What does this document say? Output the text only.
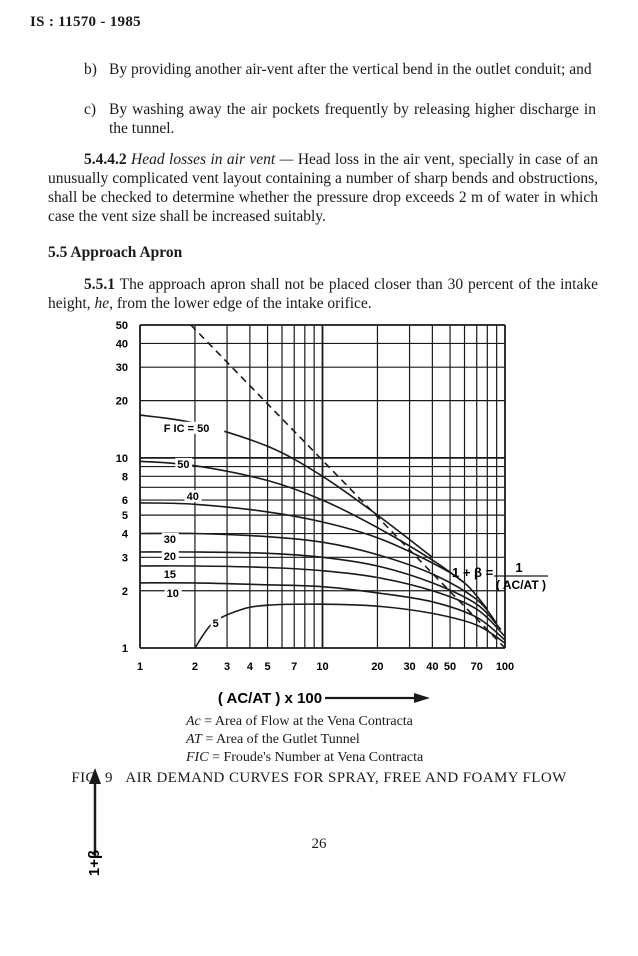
IS : 11570 - 1985
b) By providing another air-vent after the vertical bend in the outlet conduit; and
c) By washing away the air pockets frequently by releasing higher discharge in the tunnel.
5.4.4.2 Head losses in air vent — Head loss in the air vent, specially in case of an unusually complicated vent layout containing a number of sharp bends and obstructions, shall be checked to determine whether the pressure drop exceeds 2 m of water in which case the vent size shall be increased suitably.
5.5 Approach Apron
5.5.1 The approach apron shall not be placed closer than 30 percent of the intake height, he, from the lower edge of the intake orifice.
1	2 3 4 5 7 10	20 30 40 50 70 100
1
2
3
4
5
6
8
10
20
30
40
50
F IC = 50
50
40
30
20
15
10
5
1+β
( AC/AT ) x 100
1 + β = 1
( AC/AT )
Ac = Area of Flow at the Vena Contracta
AT = Area of the Gutlet Tunnel
FIC = Froude's Number at Vena Contracta
FIG. 9 AIR DEMAND CURVES FOR SPRAY, FREE AND FOAMY FLOW
26
